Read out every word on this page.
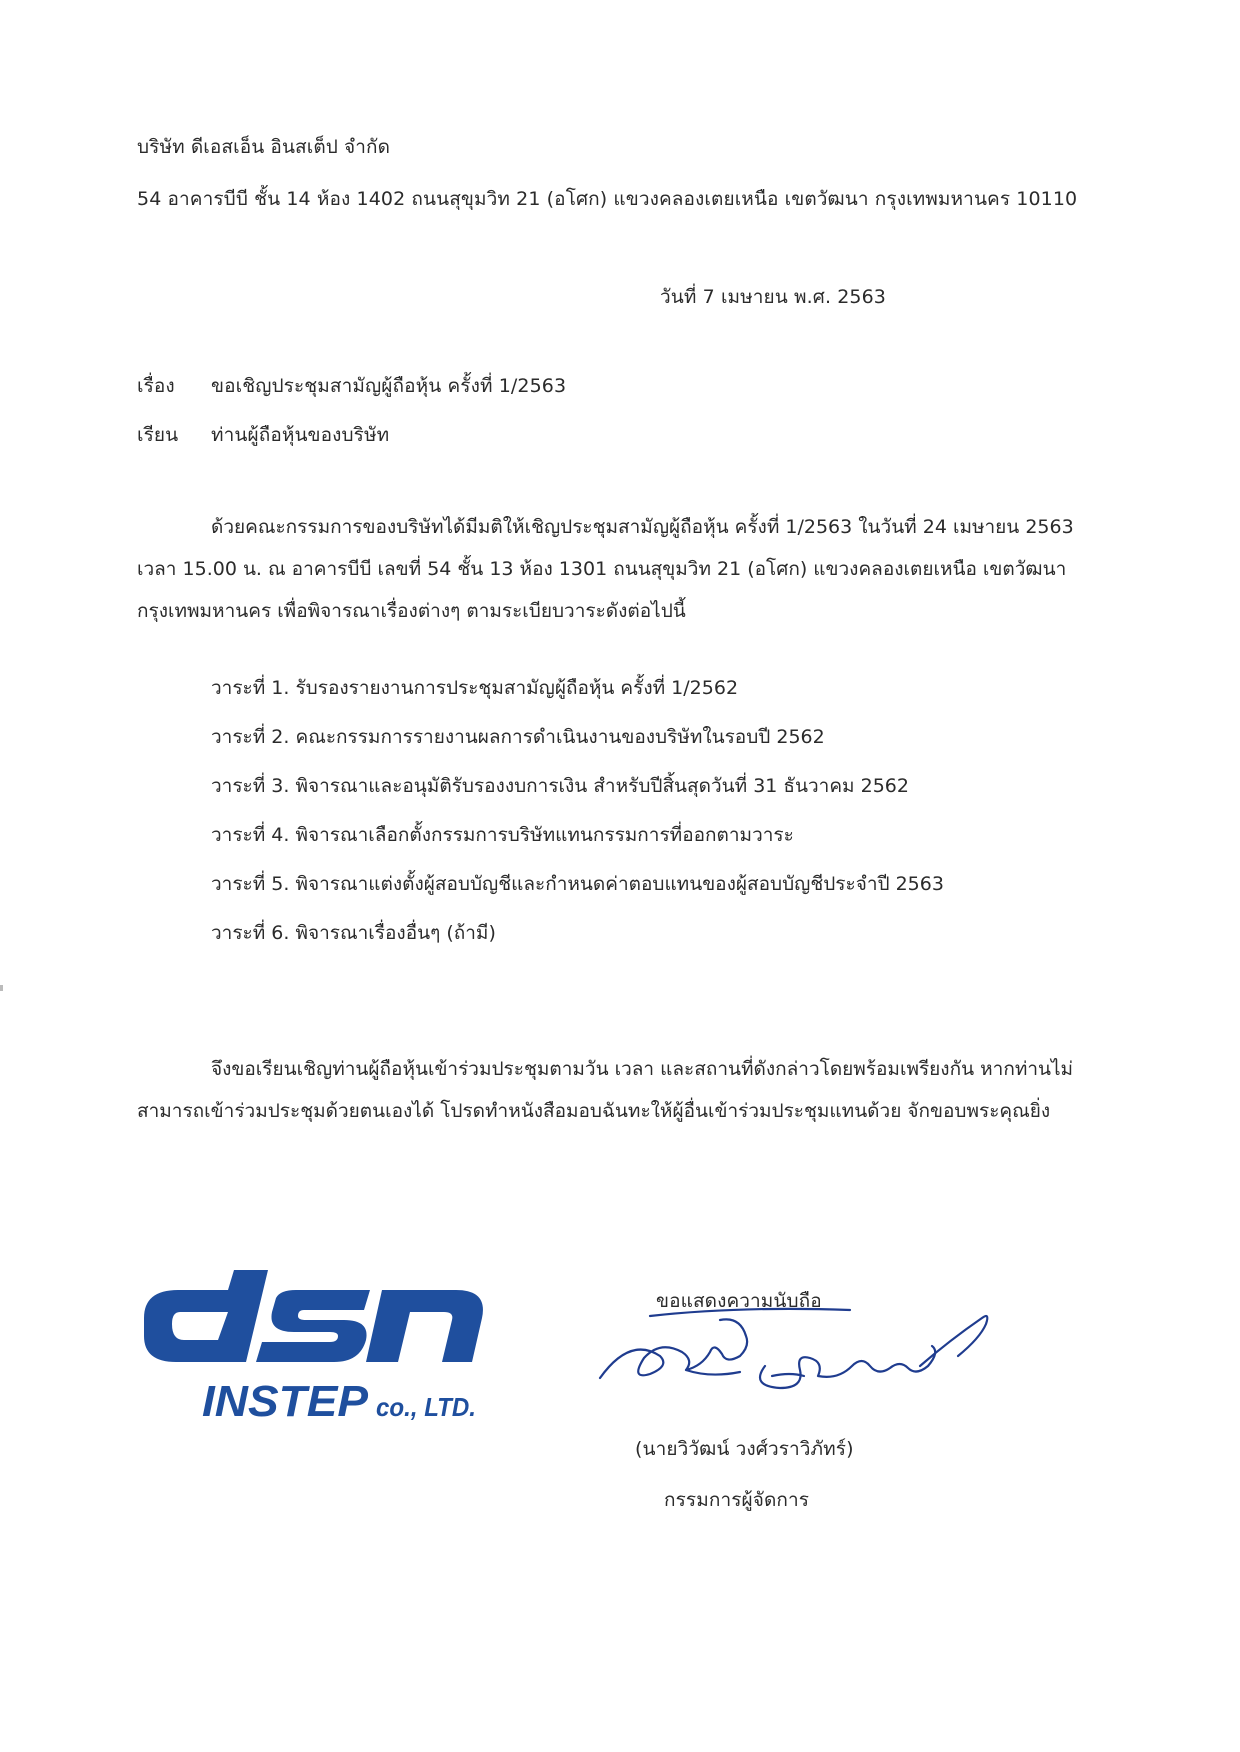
บริษัท ดีเอสเอ็น อินสเต็ป จำกัด
54 อาคารบีบี ชั้น 14 ห้อง 1402 ถนนสุขุมวิท 21 (อโศก) แขวงคลองเตยเหนือ เขตวัฒนา กรุงเทพมหานคร 10110
วันที่ 7 เมษายน พ.ศ. 2563
เรื่อง ขอเชิญประชุมสามัญผู้ถือหุ้น ครั้งที่ 1/2563
เรียน ท่านผู้ถือหุ้นของบริษัท

ด้วยคณะกรรมการของบริษัทได้มีมติให้เชิญประชุมสามัญผู้ถือหุ้น ครั้งที่ 1/2563 ในวันที่ 24 เมษายน 2563 เวลา 15.00 น. ณ อาคารบีบี เลขที่ 54 ชั้น 13 ห้อง 1301 ถนนสุขุมวิท 21 (อโศก) แขวงคลองเตยเหนือ เขตวัฒนา กรุงเทพมหานคร เพื่อพิจารณาเรื่องต่างๆ ตามระเบียบวาระดังต่อไปนี้

วาระที่ 1. รับรองรายงานการประชุมสามัญผู้ถือหุ้น ครั้งที่ 1/2562
วาระที่ 2. คณะกรรมการรายงานผลการดำเนินงานของบริษัทในรอบปี 2562
วาระที่ 3. พิจารณาและอนุมัติรับรองงบการเงิน สำหรับปีสิ้นสุดวันที่ 31 ธันวาคม 2562
วาระที่ 4. พิจารณาเลือกตั้งกรรมการบริษัทแทนกรรมการที่ออกตามวาระ
วาระที่ 5. พิจารณาแต่งตั้งผู้สอบบัญชีและกำหนดค่าตอบแทนของผู้สอบบัญชีประจำปี 2563
วาระที่ 6. พิจารณาเรื่องอื่นๆ (ถ้ามี)

จึงขอเรียนเชิญท่านผู้ถือหุ้นเข้าร่วมประชุมตามวัน เวลา และสถานที่ดังกล่าวโดยพร้อมเพรียงกัน หากท่านไม่สามารถเข้าร่วมประชุมด้วยตนเองได้ โปรดทำหนังสือมอบฉันทะให้ผู้อื่นเข้าร่วมประชุมแทนด้วย จักขอบพระคุณยิ่ง

INSTEP co., LTD.
ขอแสดงความนับถือ
(นายวิวัฒน์ วงศ์วราวิภัทร์)
กรรมการผู้จัดการ
